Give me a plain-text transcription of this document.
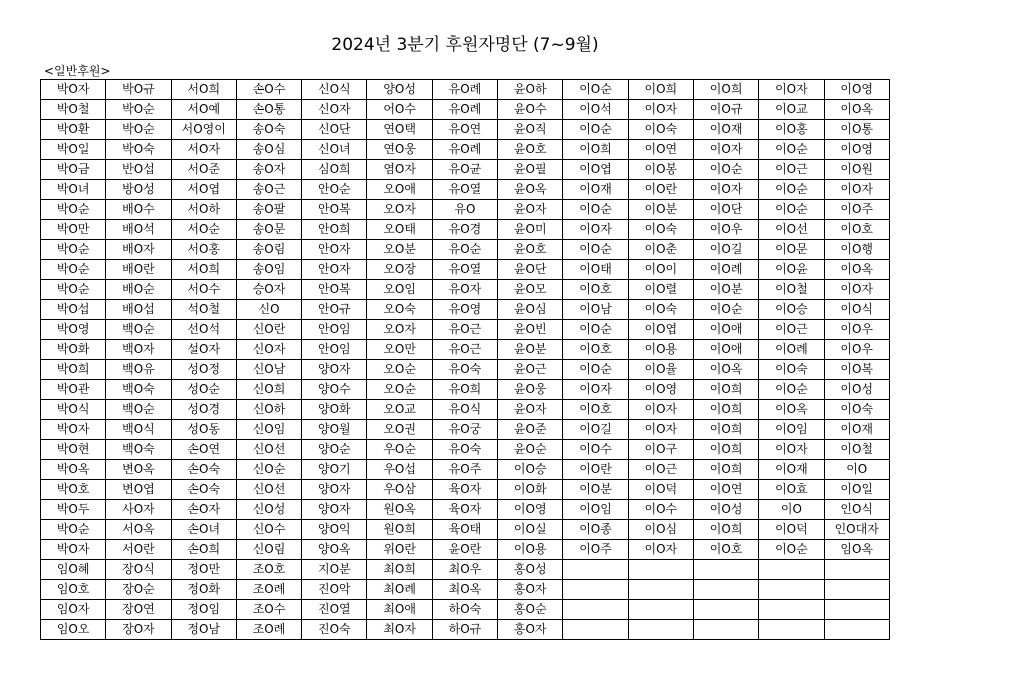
2024년 3분기 후원자명단 (7~9월)
<일반후원>
박O자	박O규	서O희	손O수	신O식	양O성	유O례	윤O하	이O순	이O희	이O희	이O자	이O영
박O철	박O순	서O예	손O통	신O자	어O수	유O례	윤O수	이O석	이O자	이O규	이O교	이O옥
박O환	박O순	서O영이	송O숙	신O단	연O택	유O연	윤O직	이O순	이O숙	이O재	이O홍	이O통
박O일	박O숙	서O자	송O심	신O녀	연O웅	유O례	윤O호	이O희	이O연	이O자	이O순	이O영
박O금	반O섭	서O준	송O자	심O희	염O자	유O균	윤O필	이O엽	이O봉	이O순	이O근	이O원
박O녀	방O성	서O엽	송O근	안O순	오O애	유O열	윤O옥	이O재	이O란	이O자	이O순	이O자
박O순	배O수	서O하	송O팔	안O복	오O자	유O	윤O자	이O순	이O분	이O단	이O순	이O주
박O만	배O석	서O순	송O문	안O희	오O태	유O경	윤O미	이O자	이O숙	이O우	이O선	이O호
박O순	배O자	서O홍	송O림	안O자	오O분	유O순	윤O호	이O순	이O춘	이O길	이O문	이O행
박O순	배O란	서O희	송O임	안O자	오O장	유O열	윤O단	이O태	이O이	이O례	이O윤	이O옥
박O순	배O순	서O수	승O자	안O복	오O임	유O자	윤O모	이O호	이O렬	이O분	이O철	이O자
박O섭	배O섭	석O철	신O	안O규	오O숙	유O영	윤O심	이O남	이O숙	이O순	이O승	이O식
박O영	백O순	선O석	신O란	안O임	오O자	유O근	윤O빈	이O순	이O엽	이O애	이O근	이O우
박O화	백O자	설O자	신O자	안O임	오O만	유O근	윤O분	이O호	이O용	이O애	이O례	이O우
박O희	백O유	성O정	신O남	양O자	오O순	유O숙	윤O근	이O순	이O율	이O옥	이O숙	이O복
박O관	백O숙	성O순	신O희	양O수	오O순	유O희	윤O웅	이O자	이O영	이O희	이O순	이O성
박O식	백O순	성O경	신O하	양O화	오O교	유O식	윤O자	이O호	이O자	이O희	이O옥	이O숙
박O자	백O식	성O동	신O임	양O월	오O권	유O궁	윤O준	이O길	이O자	이O희	이O임	이O재
박O현	백O숙	손O연	신O선	양O순	우O순	유O숙	윤O순	이O수	이O구	이O희	이O자	이O철
박O옥	변O옥	손O숙	신O순	양O기	우O섭	유O주	이O승	이O란	이O근	이O희	이O재	이O
박O호	변O엽	손O숙	신O선	양O자	우O삼	육O자	이O화	이O분	이O덕	이O연	이O효	이O일
박O두	사O자	손O자	신O성	양O자	원O옥	육O자	이O영	이O임	이O수	이O성	이O	인O식
박O순	서O옥	손O녀	신O수	양O익	원O희	육O태	이O실	이O종	이O심	이O희	이O덕	인O대자
박O자	서O란	손O희	신O림	양O옥	위O란	윤O란	이O용	이O주	이O자	이O호	이O순	임O옥
임O혜	장O식	정O만	조O호	지O분	최O희	최O우	홍O성					
임O호	장O순	정O화	조O례	진O악	최O례	최O옥	홍O자					
임O자	장O연	정O임	조O수	진O열	최O애	하O숙	홍O순					
임O오	장O자	정O남	조O례	진O숙	최O자	하O규	홍O자					
